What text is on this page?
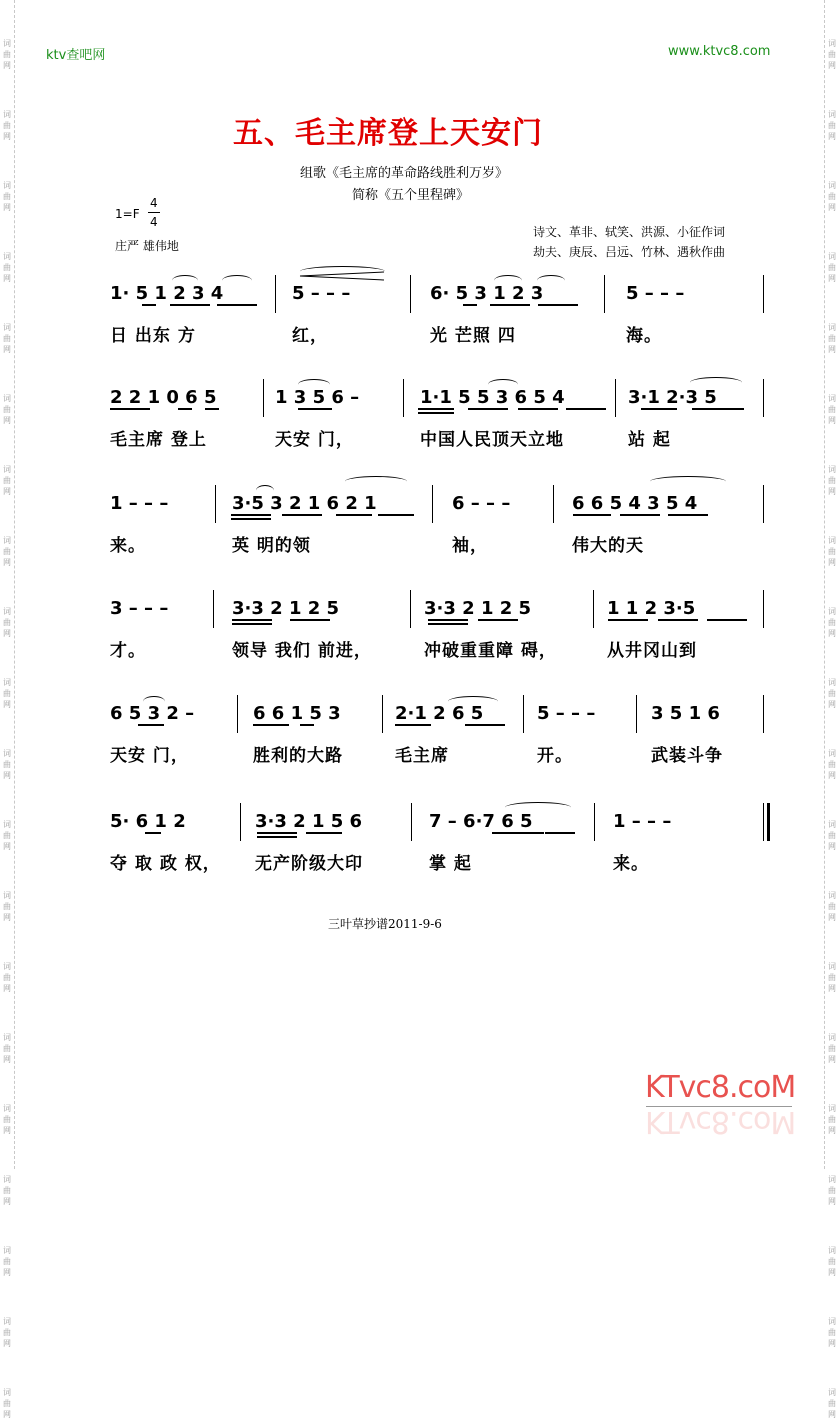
词
曲
网
词
曲
网
词
曲
网
词
曲
网
词
曲
网
词
曲
网
词
曲
网
词
曲
网
词
曲
网
词
曲
网
词
曲
网
词
曲
网
词
曲
网
词
曲
网
词
曲
网
词
曲
网
词
曲
网
词
曲
网
词
曲
网
词
曲
网
词
曲
网
词
曲
网
词
曲
网
词
曲
网
词
曲
网
词
曲
网
词
曲
网
词
曲
网
词
曲
网
词
曲
网
词
曲
网
词
曲
网
词
曲
网
词
曲
网
词
曲
网
词
曲
网
词
曲
网
词
曲
网
词
曲
网
词
曲
网
ktv查吧网	www.ktvc8.com
五、毛主席登上天安门
组歌《毛主席的革命路线胜利万岁》
简称《五个里程碑》
1=F
4
4
庄严 雄伟地
诗文、革非、轼笑、洪源、小征作词
劫夫、庚辰、吕远、竹林、遇秋作曲
1· 5 1 2 3 4	5 – – –	6· 5 3 1 2 3	5 – – –
日 出东 方	红，	光 芒照 四	海。
2 2 1 0 6 5	1 3 5 6 –	1·1 5 5 3 6 5 4	3·1 2·3 5
毛主席 登上	天安 门，	中国人民顶天立地	站 起
1 – – –	3·5 3 2 1 6 2 1	6 – – –	6 6 5 4 3 5 4
来。	英 明的领	袖，	伟大的天
3 – – –	3·3 2 1 2 5	3·3 2 1 2 5	1 1 2 3·5
才。	领导 我们 前进，	冲破重重障 碍，	从井冈山到
6 5 3 2 –	6 6 1 5 3	2·1 2 6 5	5 – – –	3 5 1 6
天安 门，	胜利的大路	毛主席	开。	武装斗争
5· 6 1 2	3·3 2 1 5 6	7 – 6·7 6 5	1 – – –
夺 取 政 权， 无产阶级大印	掌 起	来。
三叶草抄谱2011-9-6
KTvc8.coM
KTvc8.coM
